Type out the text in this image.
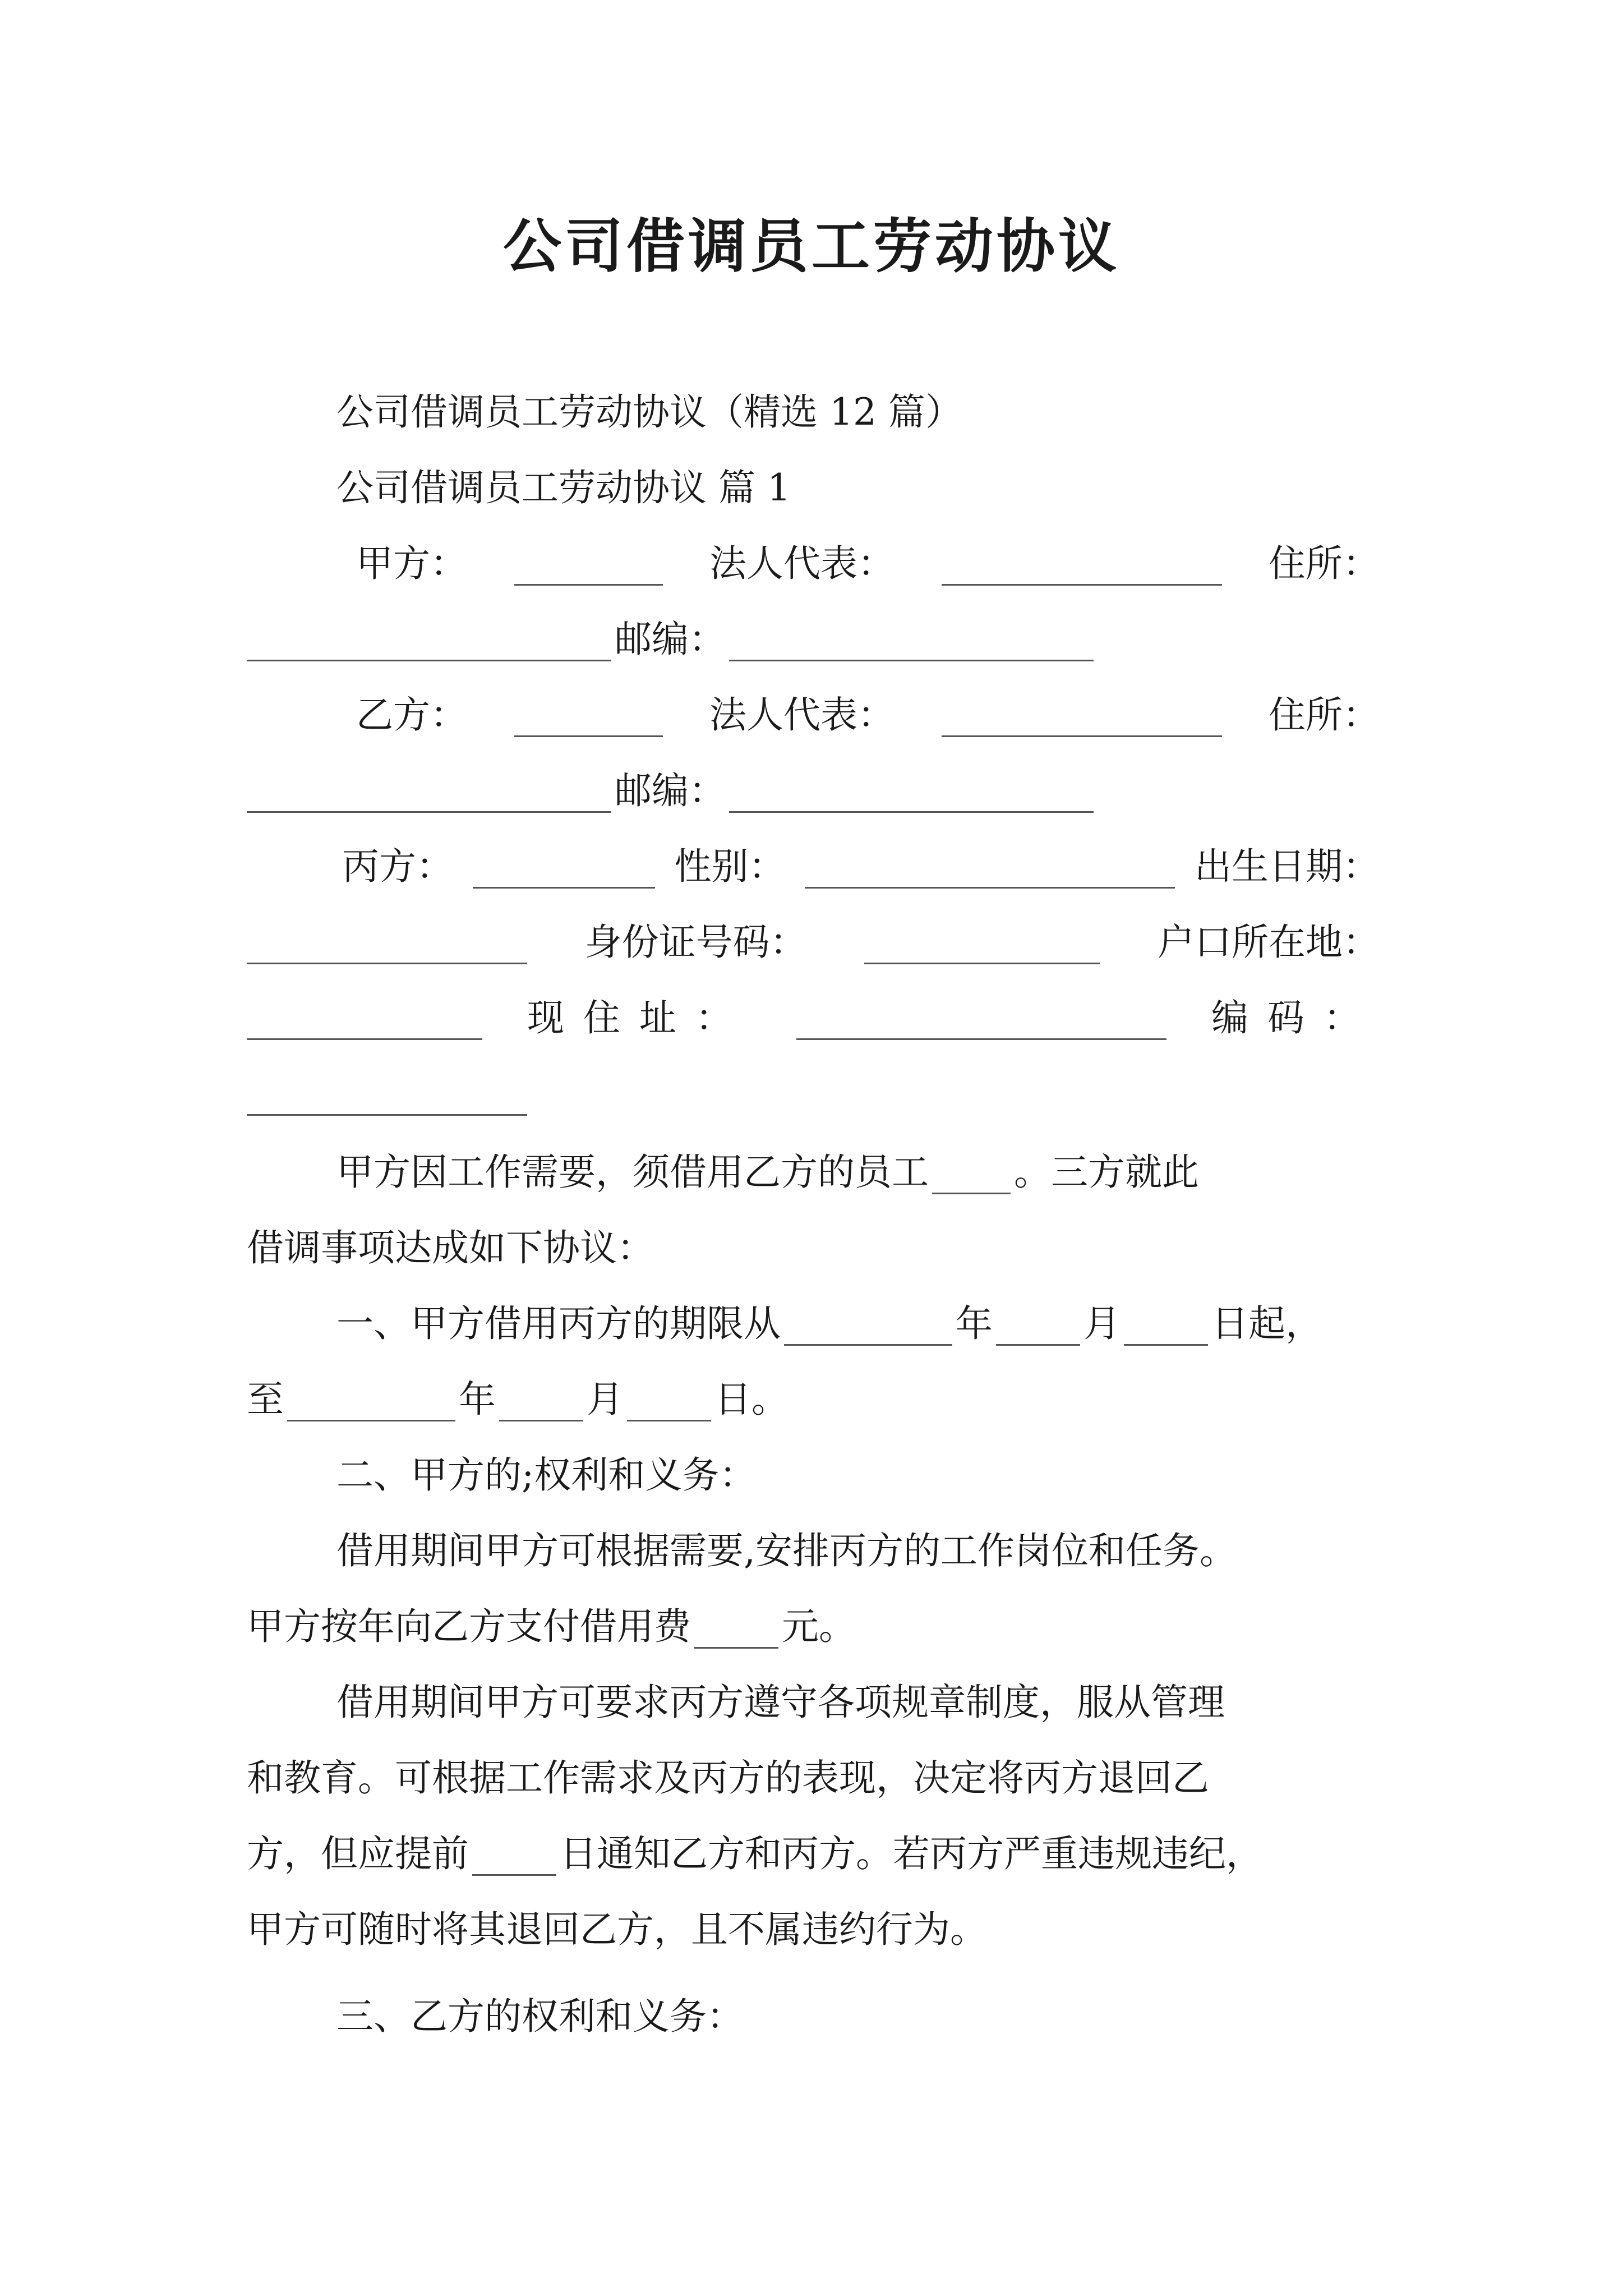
公司借调员工劳动协议
公司借调员工劳动协议（精选 12 篇）
公司借调员工劳动协议 篇 1
甲方：	法人代表：	住所：
邮编：
乙方：	法人代表：	住所：
邮编：
丙方：	性别：	出生日期：
身份证号码：	户口所在地：
现住址：	编码：
甲方因工作需要，须借用乙方的员工 。三方就此
借调事项达成如下协议：
一、甲方借用丙方的期限从	年 月 日起，
至	年 月 日。
二、甲方的;权利和义务：
借用期间甲方可根据需要,安排丙方的工作岗位和任务。
甲方按年向乙方支付借用费 元。
借用期间甲方可要求丙方遵守各项规章制度，服从管理
和教育。可根据工作需求及丙方的表现，决定将丙方退回乙
方，但应提前 日通知乙方和丙方。若丙方严重违规违纪，
甲方可随时将其退回乙方，且不属违约行为。
三、乙方的权利和义务：
